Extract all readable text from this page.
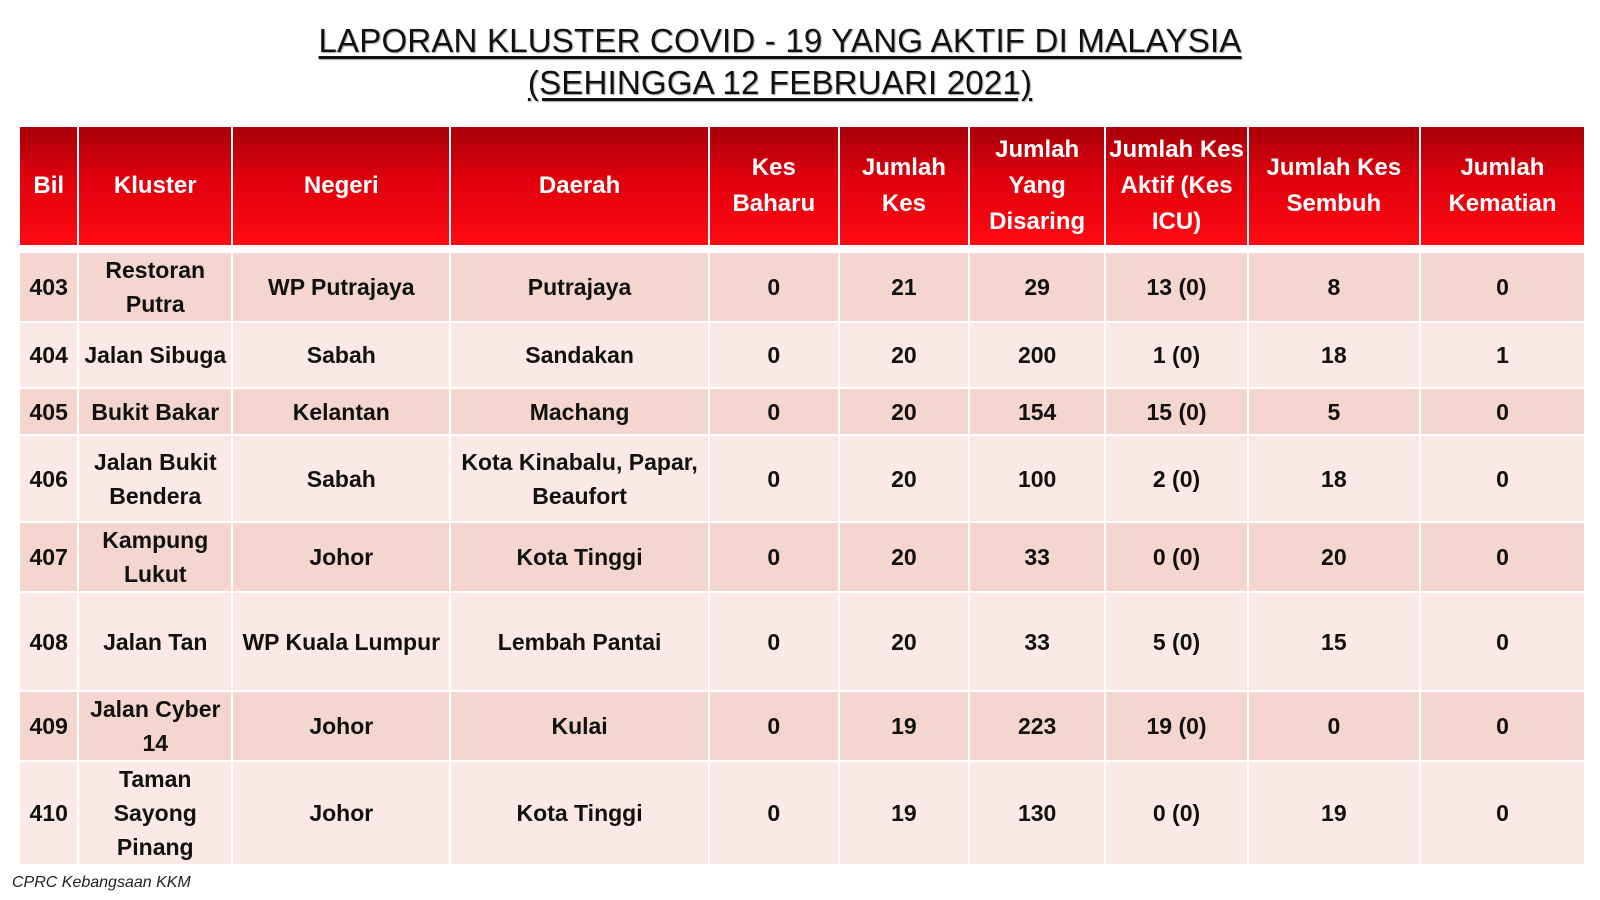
LAPORAN KLUSTER COVID - 19 YANG AKTIF DI MALAYSIA
(SEHINGGA 12 FEBRUARI 2021)
Bil	Kluster	Negeri	Daerah	Kes Baharu	Jumlah Kes	Jumlah Yang Disaring	Jumlah Kes Aktif (Kes ICU)	Jumlah Kes Sembuh	Jumlah Kematian
403	Restoran Putra	WP Putrajaya	Putrajaya	0	21	29	13 (0)	8	0
404	Jalan Sibuga	Sabah	Sandakan	0	20	200	1 (0)	18	1
405	Bukit Bakar	Kelantan	Machang	0	20	154	15 (0)	5	0
406	Jalan Bukit Bendera	Sabah	Kota Kinabalu, Papar, Beaufort	0	20	100	2 (0)	18	0
407	Kampung Lukut	Johor	Kota Tinggi	0	20	33	0 (0)	20	0
408	Jalan Tan	WP Kuala Lumpur	Lembah Pantai	0	20	33	5 (0)	15	0
409	Jalan Cyber 14	Johor	Kulai	0	19	223	19 (0)	0	0
410	Taman Sayong Pinang	Johor	Kota Tinggi	0	19	130	0 (0)	19	0
CPRC Kebangsaan KKM
